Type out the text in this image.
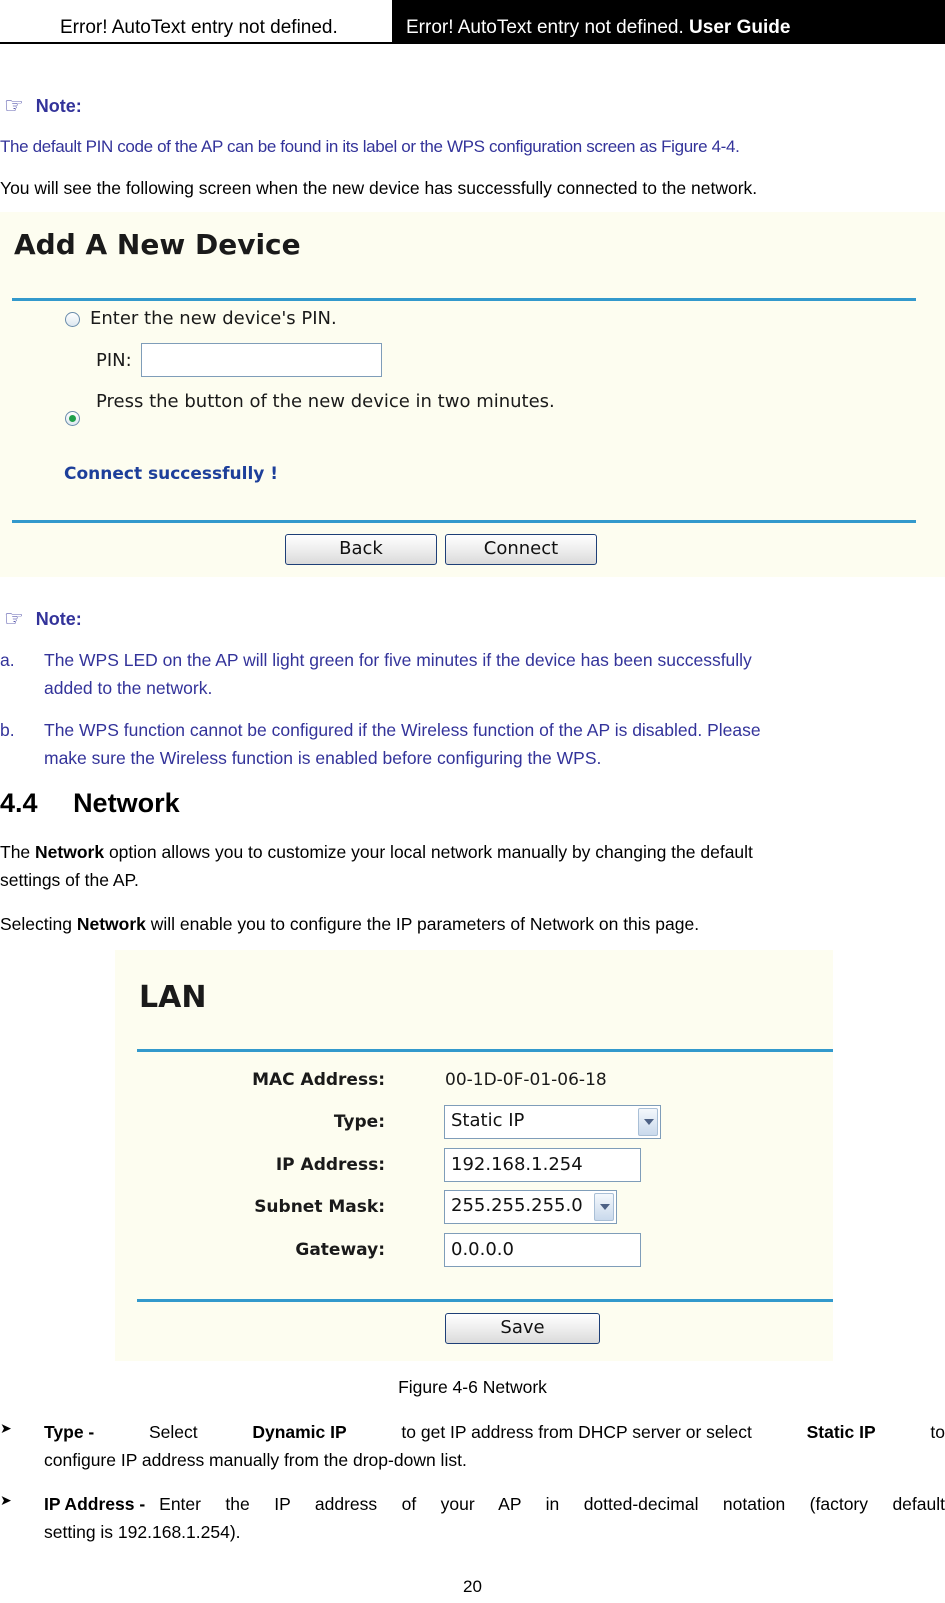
Error! AutoText entry not defined.	Error! AutoText entry not defined. User Guide
☞ Note:
The default PIN code of the AP can be found in its label or the WPS configuration screen as Figure 4-4.
You will see the following screen when the new device has successfully connected to the network.
Add A New Device
Enter the new device's PIN.
PIN:
Press the button of the new device in two minutes.
Connect successfully !
Back	Connect
☞ Note:
a. The WPS LED on the AP will light green for five minutes if the device has been successfully
added to the network.
b. The WPS function cannot be configured if the Wireless function of the AP is disabled. Please
make sure the Wireless function is enabled before configuring the WPS.
4.4 Network
The Network option allows you to customize your local network manually by changing the default
settings of the AP.
Selecting Network will enable you to configure the IP parameters of Network on this page.
LAN
MAC Address:	00-1D-0F-01-06-18
Type:	Static IP
IP Address:	192.168.1.254
Subnet Mask:	255.255.255.0
Gateway:	0.0.0.0
Save
Figure 4-6 Network
➤ Type -	Select	Dynamic IP	to get IP address from DHCP server or select	Static IP	to
configure IP address manually from the drop-down list.
➤ IP Address - Enter the IP address of your AP in dotted-decimal notation (factory default
setting is 192.168.1.254).
20
